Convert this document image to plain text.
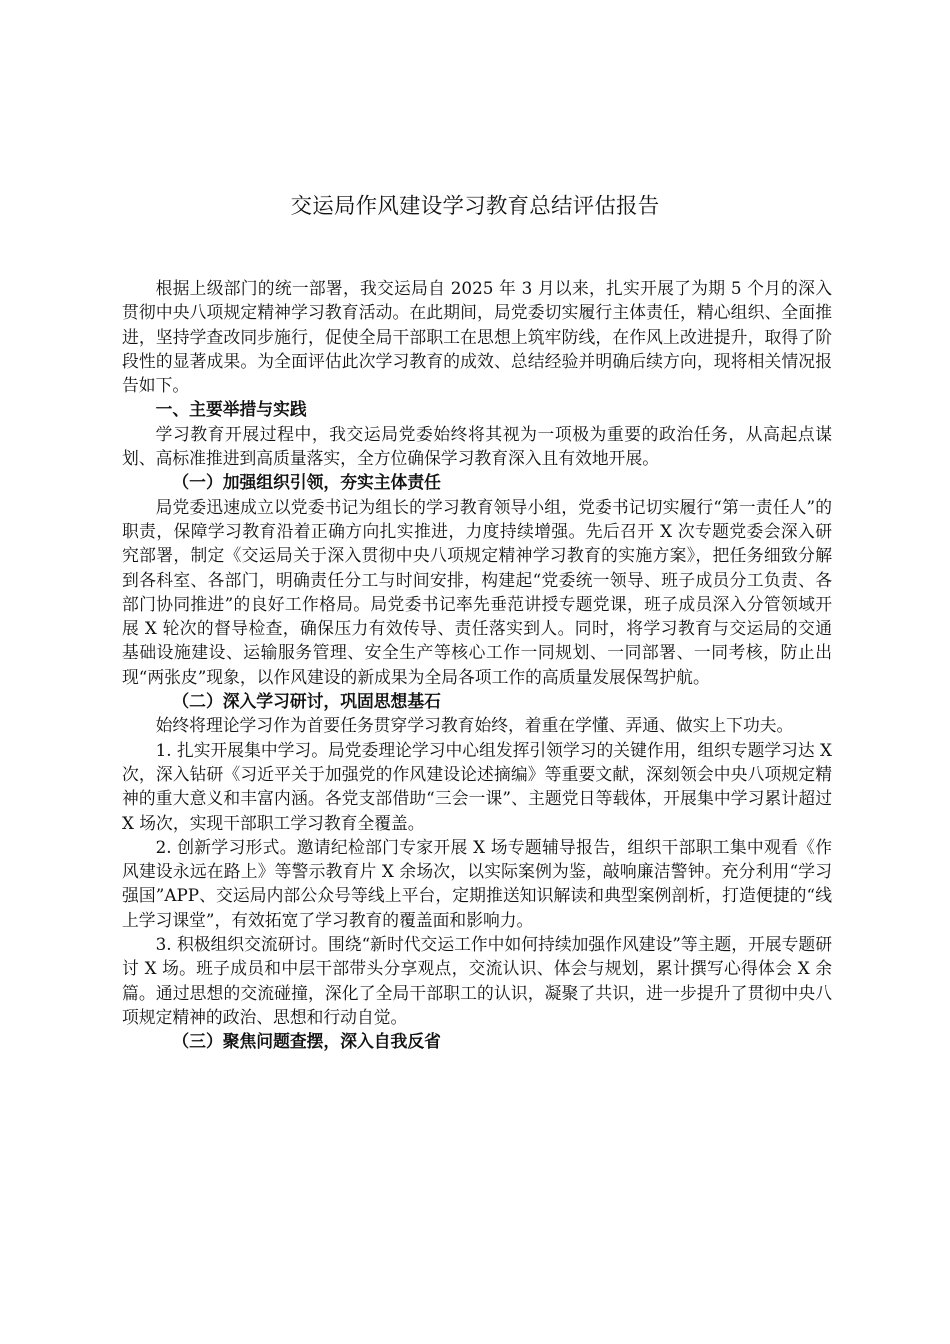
交运局作风建设学习教育总结评估报告

根据上级部门的统一部署，我交运局自 2025 年 3 月以来，扎实开展了为期 5 个月的深入贯彻中央八项规定精神学习教育活动。在此期间，局党委切实履行主体责任，精心组织、全面推进，坚持学查改同步施行，促使全局干部职工在思想上筑牢防线，在作风上改进提升，取得了阶段性的显著成果。为全面评估此次学习教育的成效、总结经验并明确后续方向，现将相关情况报告如下。

一、主要举措与实践

学习教育开展过程中，我交运局党委始终将其视为一项极为重要的政治任务，从高起点谋划、高标准推进到高质量落实，全方位确保学习教育深入且有效地开展。

（一）加强组织引领，夯实主体责任

局党委迅速成立以党委书记为组长的学习教育领导小组，党委书记切实履行“第一责任人”的职责，保障学习教育沿着正确方向扎实推进，力度持续增强。先后召开 X 次专题党委会深入研究部署，制定《交运局关于深入贯彻中央八项规定精神学习教育的实施方案》，把任务细致分解到各科室、各部门，明确责任分工与时间安排，构建起“党委统一领导、班子成员分工负责、各部门协同推进”的良好工作格局。局党委书记率先垂范讲授专题党课，班子成员深入分管领域开展 X 轮次的督导检查，确保压力有效传导、责任落实到人。同时，将学习教育与交运局的交通基础设施建设、运输服务管理、安全生产等核心工作一同规划、一同部署、一同考核，防止出现“两张皮”现象，以作风建设的新成果为全局各项工作的高质量发展保驾护航。

（二）深入学习研讨，巩固思想基石

始终将理论学习作为首要任务贯穿学习教育始终，着重在学懂、弄通、做实上下功夫。

1. 扎实开展集中学习。局党委理论学习中心组发挥引领学习的关键作用，组织专题学习达 X 次，深入钻研《习近平关于加强党的作风建设论述摘编》等重要文献，深刻领会中央八项规定精神的重大意义和丰富内涵。各党支部借助“三会一课”、主题党日等载体，开展集中学习累计超过 X 场次，实现干部职工学习教育全覆盖。

2. 创新学习形式。邀请纪检部门专家开展 X 场专题辅导报告，组织干部职工集中观看《作风建设永远在路上》等警示教育片 X 余场次，以实际案例为鉴，敲响廉洁警钟。充分利用“学习强国”APP、交运局内部公众号等线上平台，定期推送知识解读和典型案例剖析，打造便捷的“线上学习课堂”，有效拓宽了学习教育的覆盖面和影响力。

3. 积极组织交流研讨。围绕“新时代交运工作中如何持续加强作风建设”等主题，开展专题研讨 X 场。班子成员和中层干部带头分享观点，交流认识、体会与规划，累计撰写心得体会 X 余篇。通过思想的交流碰撞，深化了全局干部职工的认识，凝聚了共识，进一步提升了贯彻中央八项规定精神的政治、思想和行动自觉。

（三）聚焦问题查摆，深入自我反省
